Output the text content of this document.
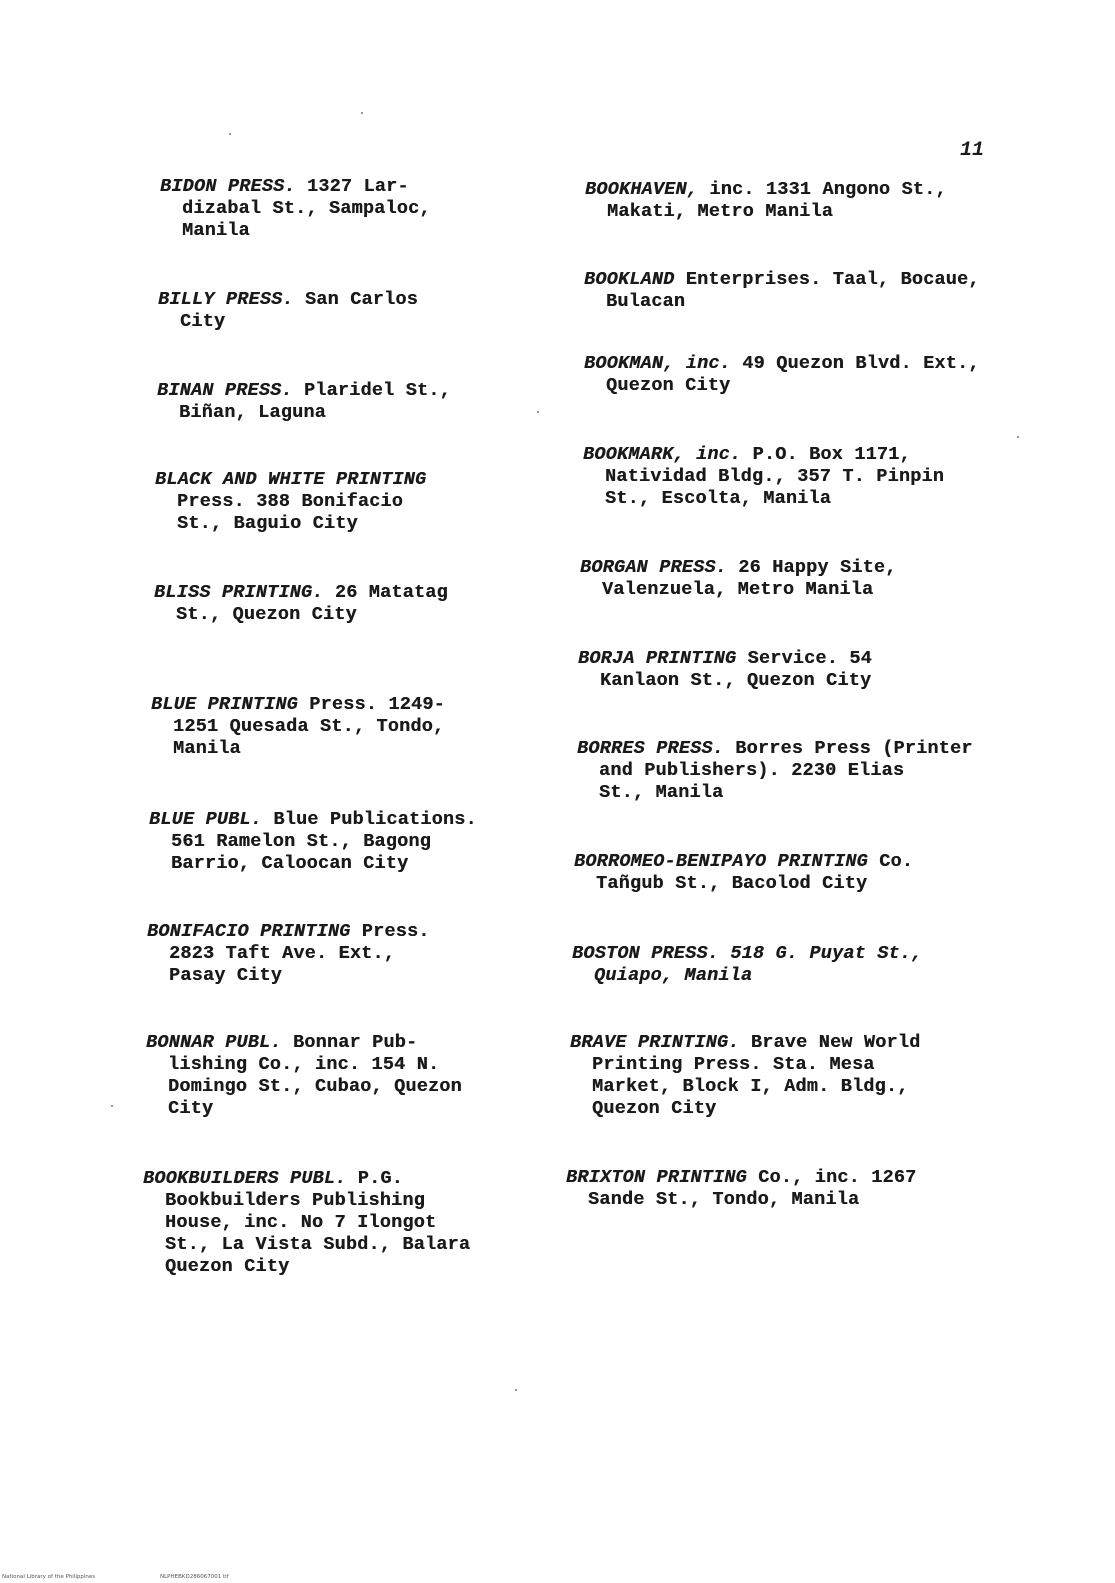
11
BIDON PRESS. 1327 Lar-
dizabal St., Sampaloc,
Manila
BILLY PRESS. San Carlos
City
BINAN PRESS. Plaridel St.,
Biñan, Laguna
BLACK AND WHITE PRINTING
Press. 388 Bonifacio
St., Baguio City
BLISS PRINTING. 26 Matatag
St., Quezon City
BLUE PRINTING Press. 1249-
1251 Quesada St., Tondo,
Manila
BLUE PUBL. Blue Publications.
561 Ramelon St., Bagong
Barrio, Caloocan City
BONIFACIO PRINTING Press.
2823 Taft Ave. Ext.,
Pasay City
BONNAR PUBL. Bonnar Pub-
lishing Co., inc. 154 N.
Domingo St., Cubao, Quezon
City
BOOKBUILDERS PUBL. P.G.
Bookbuilders Publishing
House, inc. No 7 Ilongot
St., La Vista Subd., Balara
Quezon City
BOOKHAVEN, inc. 1331 Angono St.,
Makati, Metro Manila
BOOKLAND Enterprises. Taal, Bocaue,
Bulacan
BOOKMAN, inc. 49 Quezon Blvd. Ext.,
Quezon City
BOOKMARK, inc. P.O. Box 1171,
Natividad Bldg., 357 T. Pinpin
St., Escolta, Manila
BORGAN PRESS. 26 Happy Site,
Valenzuela, Metro Manila
BORJA PRINTING Service. 54
Kanlaon St., Quezon City
BORRES PRESS. Borres Press (Printer
and Publishers). 2230 Elias
St., Manila
BORROMEO-BENIPAYO PRINTING Co.
Tañgub St., Bacolod City
BOSTON PRESS. 518 G. Puyat St.,
Quiapo, Manila
BRAVE PRINTING. Brave New World
Printing Press. Sta. Mesa
Market, Block I, Adm. Bldg.,
Quezon City
BRIXTON PRINTING Co., inc. 1267
Sande St., Tondo, Manila
National Library of the Philippines	NLPHEBKD286067001 tif
